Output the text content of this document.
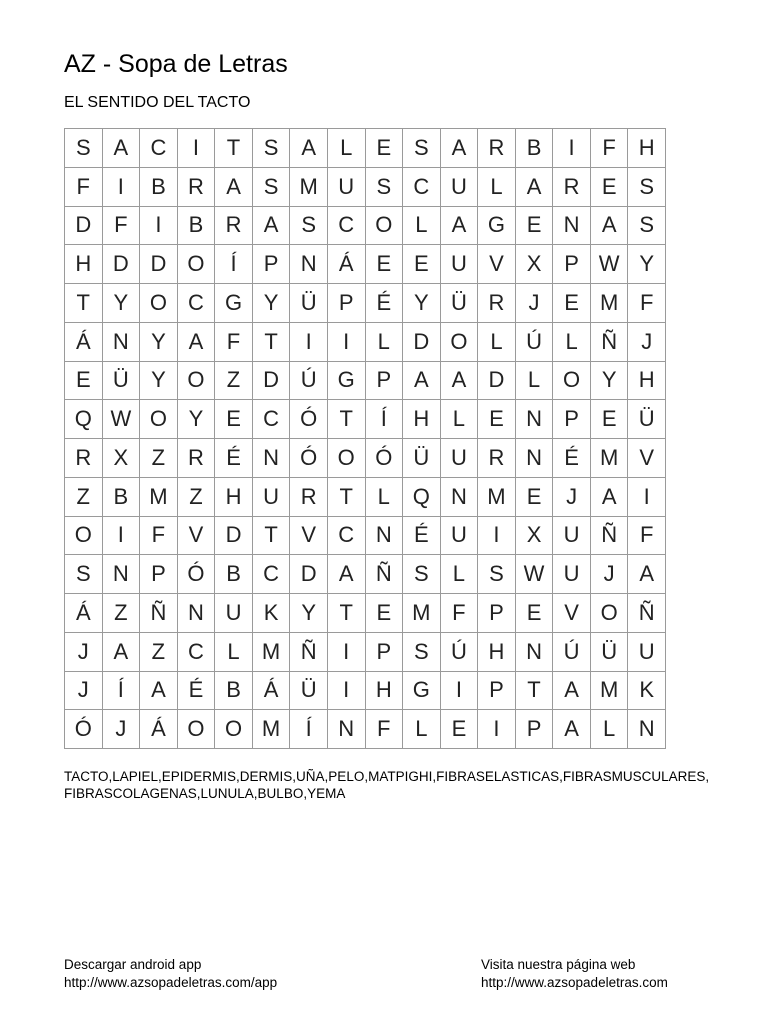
AZ - Sopa de Letras
EL SENTIDO DEL TACTO
S	A	C	I	T	S	A	L	E	S	A	R	B	I	F	H
F	I	B	R	A	S M U	S	C U	L	A	R	E	S
D	F	I	B	R	A	S	C O	L	A G E	N	A	S
H D D O	Í	P	N	Á	E	E	U	V	X	P W Y
T	Y O C G Y	Ü	P	É	Y	Ü R	J	E M F
Á	N	Y	A	F	T	I	I	L	D O	L	Ú	L	Ñ	J
E	Ü	Y O	Z	D Ú G P	A	A	D	L	O Y	H
Q W O Y	E	C Ó	T	Í	H	L	E	N	P	E	Ü
R	X	Z	R	É	N Ó O Ó Ü U R N	É M V
Z	B M Z	H U R	T	L	Q N M E	J	A	I
O	I	F	V	D	T	V	C N	É	U	I	X	U Ñ	F
S	N	P Ó B	C D	A	Ñ	S	L	S W U	J	A
Á	Z	Ñ N U	K	Y	T	E M F	P	E	V O Ñ
J	A	Z	C	L	M Ñ	I	P	S	Ú H N Ú Ü U
J	Í	A	É	B	Á	Ü	I	H G	I	P	T	A M K
Ó	J	Á O O M	Í	N	F	L	E	I	P	A	L	N
TACTO,LAPIEL,EPIDERMIS,DERMIS,UÑA,PELO,MATPIGHI,FIBRASELASTICAS,FIBRASMUSCULARES,FIBRASCOLAGENAS,LUNULA,BULBO,YEMA
Descargar android app
http://www.azsopadeletras.com/app
Visita nuestra página web
http://www.azsopadeletras.com
